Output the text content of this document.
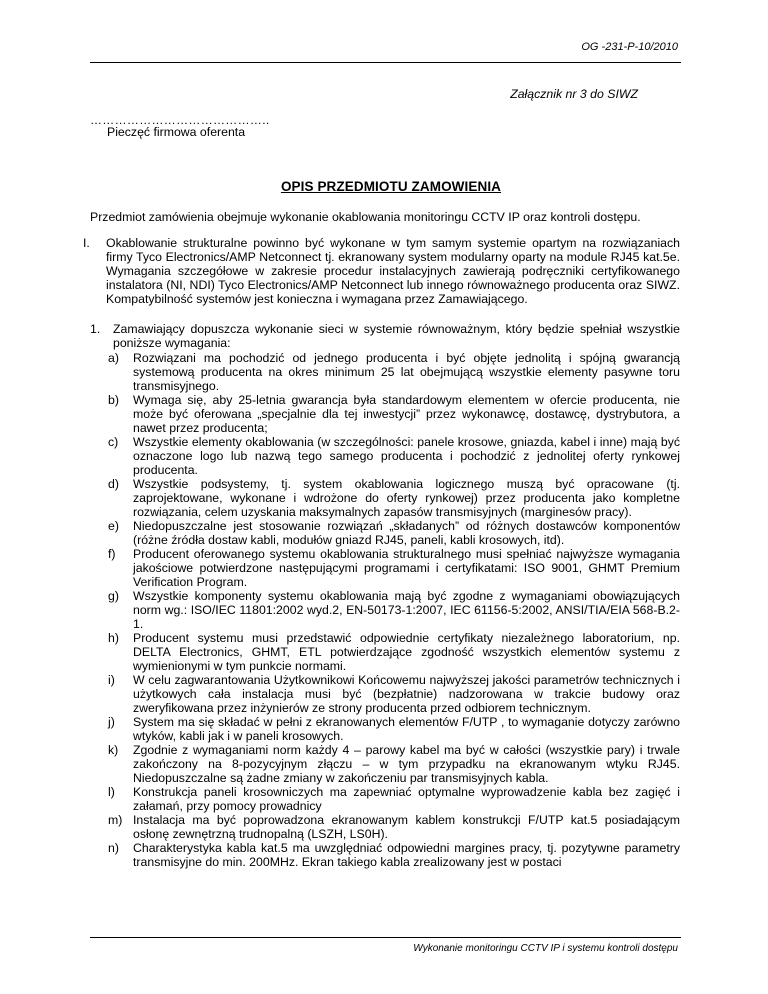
OG -231-P-10/2010
Załącznik nr 3 do SIWZ
……………………………………..
Pieczęć firmowa oferenta
OPIS PRZEDMIOTU ZAMOWIENIA
Przedmiot zamówienia obejmuje wykonanie okablowania monitoringu CCTV IP oraz kontroli dostępu.
I. Okablowanie strukturalne powinno być wykonane w tym samym systemie opartym na rozwiązaniach firmy Tyco Electronics/AMP Netconnect tj. ekranowany system modularny oparty na module RJ45 kat.5e. Wymagania szczegółowe w zakresie procedur instalacyjnych zawierają podręczniki certyfikowanego instalatora (NI, NDI) Tyco Electronics/AMP Netconnect lub innego równoważnego producenta oraz SIWZ. Kompatybilność systemów jest konieczna i wymagana przez Zamawiającego.
1. Zamawiający dopuszcza wykonanie sieci w systemie równoważnym, który będzie spełniał wszystkie poniższe wymagania:
a)	Rozwiązani ma pochodzić od jednego producenta i być objęte jednolitą i spójną gwarancją systemową producenta na okres minimum 25 lat obejmującą wszystkie elementy pasywne toru transmisyjnego.
b)	Wymaga się, aby 25-letnia gwarancja była standardowym elementem w ofercie producenta, nie może być oferowana „specjalnie dla tej inwestycji” przez wykonawcę, dostawcę, dystrybutora, a nawet przez producenta;
c)	Wszystkie elementy okablowania (w szczególności: panele krosowe, gniazda, kabel i inne) mają być oznaczone logo lub nazwą tego samego producenta i pochodzić z jednolitej oferty rynkowej producenta.
d)	Wszystkie podsystemy, tj. system okablowania logicznego muszą być opracowane (tj. zaprojektowane, wykonane i wdrożone do oferty rynkowej) przez producenta jako kompletne rozwiązania, celem uzyskania maksymalnych zapasów transmisyjnych (marginesów pracy).
e)	Niedopuszczalne jest stosowanie rozwiązań „składanych” od różnych dostawców komponentów (różne źródła dostaw kabli, modułów gniazd RJ45, paneli, kabli krosowych, itd).
f)	Producent oferowanego systemu okablowania strukturalnego musi spełniać najwyższe wymagania jakościowe potwierdzone następującymi programami i certyfikatami: ISO 9001, GHMT Premium Verification Program.
g)	Wszystkie komponenty systemu okablowania mają być zgodne z wymaganiami obowiązujących norm wg.: ISO/IEC 11801:2002 wyd.2, EN-50173-1:2007, IEC 61156-5:2002, ANSI/TIA/EIA 568-B.2-1.
h)	Producent systemu musi przedstawić odpowiednie certyfikaty niezależnego laboratorium, np. DELTA Electronics, GHMT, ETL potwierdzające zgodność wszystkich elementów systemu z wymienionymi w tym punkcie normami.
i)	W celu zagwarantowania Użytkownikowi Końcowemu najwyższej jakości parametrów technicznych i użytkowych cała instalacja musi być (bezpłatnie) nadzorowana w trakcie budowy oraz zweryfikowana przez inżynierów ze strony producenta przed odbiorem technicznym.
j)	System ma się składać w pełni z ekranowanych elementów F/UTP , to wymaganie dotyczy zarówno wtyków, kabli jak i w paneli krosowych.
k)	Zgodnie z wymaganiami norm każdy 4 – parowy kabel ma być w całości (wszystkie pary) i trwale zakończony na 8-pozycyjnym złączu – w tym przypadku na ekranowanym wtyku RJ45. Niedopuszczalne są żadne zmiany w zakończeniu par transmisyjnych kabla.
l)	Konstrukcja paneli krosowniczych ma zapewniać optymalne wyprowadzenie kabla bez zagięć i załamań, przy pomocy prowadnicy
m) Instalacja ma być poprowadzona ekranowanym kablem konstrukcji F/UTP kat.5 posiadającym osłonę zewnętrzną trudnopalną (LSZH, LS0H).
n)	Charakterystyka kabla kat.5 ma uwzględniać odpowiedni margines pracy, tj. pozytywne parametry transmisyjne do min. 200MHz. Ekran takiego kabla zrealizowany jest w postaci
Wykonanie monitoringu CCTV IP i systemu kontroli dostępu
